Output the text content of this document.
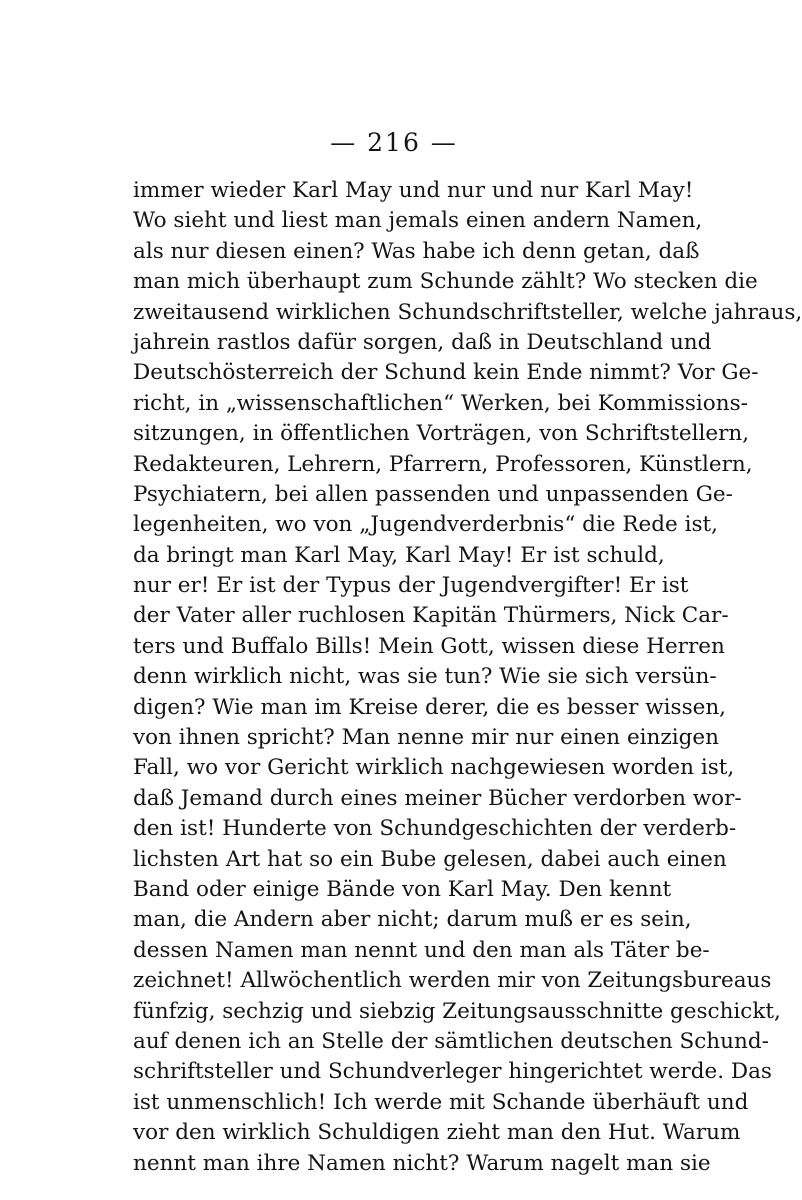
— 216 —
immer wieder Karl May und nur und nur Karl May!
Wo sieht und liest man jemals einen andern Namen,
als nur diesen einen? Was habe ich denn getan, daß
man mich überhaupt zum Schunde zählt? Wo stecken die
zweitausend wirklichen Schundschriftsteller, welche jahraus,
jahrein rastlos dafür sorgen, daß in Deutschland und
Deutschösterreich der Schund kein Ende nimmt? Vor Ge-
richt, in „wissenschaftlichen“ Werken, bei Kommissions-
sitzungen, in öffentlichen Vorträgen, von Schriftstellern,
Redakteuren, Lehrern, Pfarrern, Professoren, Künstlern,
Psychiatern, bei allen passenden und unpassenden Ge-
legenheiten, wo von „Jugendverderbnis“ die Rede ist,
da bringt man Karl May, Karl May! Er ist schuld,
nur er! Er ist der Typus der Jugendvergifter! Er ist
der Vater aller ruchlosen Kapitän Thürmers, Nick Car-
ters und Buffalo Bills! Mein Gott, wissen diese Herren
denn wirklich nicht, was sie tun? Wie sie sich versün-
digen? Wie man im Kreise derer, die es besser wissen,
von ihnen spricht? Man nenne mir nur einen einzigen
Fall, wo vor Gericht wirklich nachgewiesen worden ist,
daß Jemand durch eines meiner Bücher verdorben wor-
den ist! Hunderte von Schundgeschichten der verderb-
lichsten Art hat so ein Bube gelesen, dabei auch einen
Band oder einige Bände von Karl May. Den kennt
man, die Andern aber nicht; darum muß er es sein,
dessen Namen man nennt und den man als Täter be-
zeichnet! Allwöchentlich werden mir von Zeitungsbureaus
fünfzig, sechzig und siebzig Zeitungsausschnitte geschickt,
auf denen ich an Stelle der sämtlichen deutschen Schund-
schriftsteller und Schundverleger hingerichtet werde. Das
ist unmenschlich! Ich werde mit Schande überhäuft und
vor den wirklich Schuldigen zieht man den Hut. Warum
nennt man ihre Namen nicht? Warum nagelt man sie
